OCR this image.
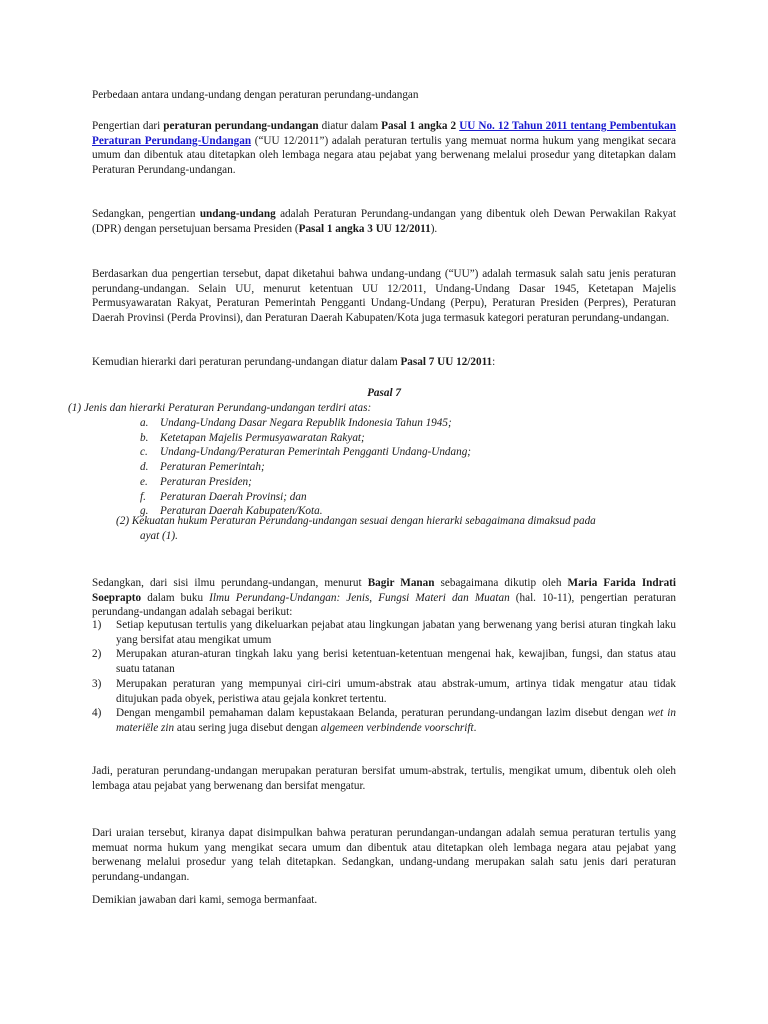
Perbedaan antara undang-undang dengan peraturan perundang-undangan

Pengertian dari peraturan perundang-undangan diatur dalam Pasal 1 angka 2 UU No. 12 Tahun 2011 tentang Pembentukan Peraturan Perundang-Undangan (“UU 12/2011”) adalah peraturan tertulis yang memuat norma hukum yang mengikat secara umum dan dibentuk atau ditetapkan oleh lembaga negara atau pejabat yang berwenang melalui prosedur yang ditetapkan dalam Peraturan Perundang-undangan.

Sedangkan, pengertian undang-undang adalah Peraturan Perundang-undangan yang dibentuk oleh Dewan Perwakilan Rakyat (DPR) dengan persetujuan bersama Presiden (Pasal 1 angka 3 UU 12/2011).

Berdasarkan dua pengertian tersebut, dapat diketahui bahwa undang-undang (“UU”) adalah termasuk salah satu jenis peraturan perundang-undangan. Selain UU, menurut ketentuan UU 12/2011, Undang-Undang Dasar 1945, Ketetapan Majelis Permusyawaratan Rakyat, Peraturan Pemerintah Pengganti Undang-Undang (Perpu), Peraturan Presiden (Perpres), Peraturan Daerah Provinsi (Perda Provinsi), dan Peraturan Daerah Kabupaten/Kota juga termasuk kategori peraturan perundang-undangan.

Kemudian hierarki dari peraturan perundang-undangan diatur dalam Pasal 7 UU 12/2011:

Pasal 7

(1) Jenis dan hierarki Peraturan Perundang-undangan terdiri atas:

a. Undang-Undang Dasar Negara Republik Indonesia Tahun 1945;
b. Ketetapan Majelis Permusyawaratan Rakyat;
c. Undang-Undang/Peraturan Pemerintah Pengganti Undang-Undang;
d. Peraturan Pemerintah;
e. Peraturan Presiden;
f. Peraturan Daerah Provinsi; dan
g. Peraturan Daerah Kabupaten/Kota.

(2) Kekuatan hukum Peraturan Perundang-undangan sesuai dengan hierarki sebagaimana dimaksud pada

ayat (1).

Sedangkan, dari sisi ilmu perundang-undangan, menurut Bagir Manan sebagaimana dikutip oleh Maria Farida Indrati Soeprapto dalam buku Ilmu Perundang-Undangan: Jenis, Fungsi Materi dan Muatan (hal. 10-11), pengertian peraturan perundang-undangan adalah sebagai berikut:

1) Setiap keputusan tertulis yang dikeluarkan pejabat atau lingkungan jabatan yang berwenang yang berisi aturan tingkah laku yang bersifat atau mengikat umum
2) Merupakan aturan-aturan tingkah laku yang berisi ketentuan-ketentuan mengenai hak, kewajiban, fungsi, dan status atau suatu tatanan
3) Merupakan peraturan yang mempunyai ciri-ciri umum-abstrak atau abstrak-umum, artinya tidak mengatur atau tidak ditujukan pada obyek, peristiwa atau gejala konkret tertentu.
4) Dengan mengambil pemahaman dalam kepustakaan Belanda, peraturan perundang-undangan lazim disebut dengan wet in materiële zin atau sering juga disebut dengan algemeen verbindende voorschrift.

Jadi, peraturan perundang-undangan merupakan peraturan bersifat umum-abstrak, tertulis, mengikat umum, dibentuk oleh oleh lembaga atau pejabat yang berwenang dan bersifat mengatur.

Dari uraian tersebut, kiranya dapat disimpulkan bahwa peraturan perundangan-undangan adalah semua peraturan tertulis yang memuat norma hukum yang mengikat secara umum dan dibentuk atau ditetapkan oleh lembaga negara atau pejabat yang berwenang melalui prosedur yang telah ditetapkan. Sedangkan, undang-undang merupakan salah satu jenis dari peraturan perundang-undangan.

Demikian jawaban dari kami, semoga bermanfaat.
